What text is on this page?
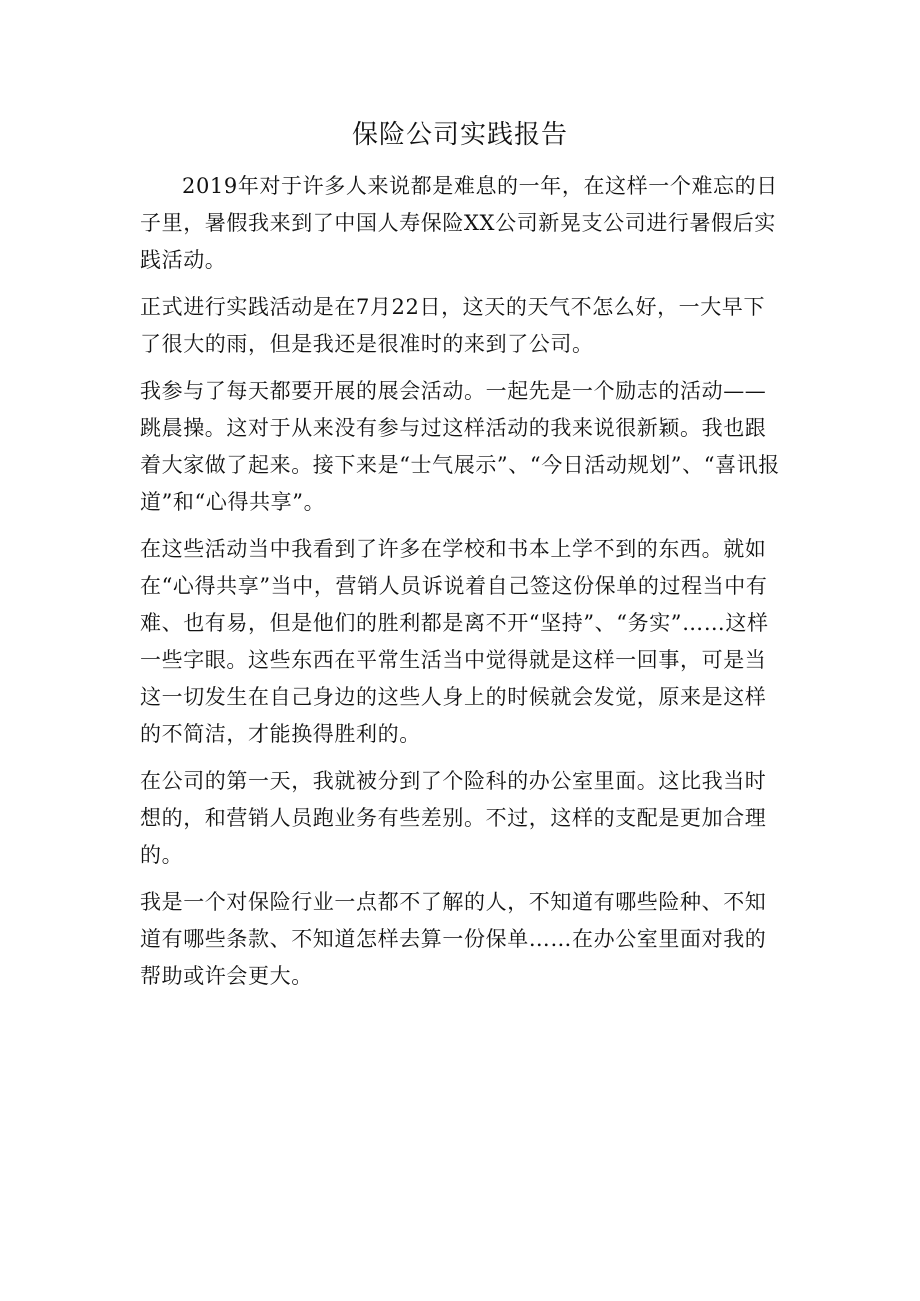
保险公司实践报告

2019年对于许多人来说都是难息的一年，在这样一个难忘的日子里，暑假我来到了中国人寿保险XX公司新晃支公司进行暑假后实践活动。

正式进行实践活动是在7月22日，这天的天气不怎么好，一大早下了很大的雨，但是我还是很准时的来到了公司。

我参与了每天都要开展的展会活动。一起先是一个励志的活动——跳晨操。这对于从来没有参与过这样活动的我来说很新颖。我也跟着大家做了起来。接下来是“士气展示”、“今日活动规划”、“喜讯报道”和“心得共享”。

在这些活动当中我看到了许多在学校和书本上学不到的东西。就如在“心得共享”当中，营销人员诉说着自己签这份保单的过程当中有难、也有易，但是他们的胜利都是离不开“坚持”、“务实”……这样一些字眼。这些东西在平常生活当中觉得就是这样一回事，可是当这一切发生在自己身边的这些人身上的时候就会发觉，原来是这样的不简洁，才能换得胜利的。

在公司的第一天，我就被分到了个险科的办公室里面。这比我当时想的，和营销人员跑业务有些差别。不过，这样的支配是更加合理的。

我是一个对保险行业一点都不了解的人，不知道有哪些险种、不知道有哪些条款、不知道怎样去算一份保单……在办公室里面对我的帮助或许会更大。
